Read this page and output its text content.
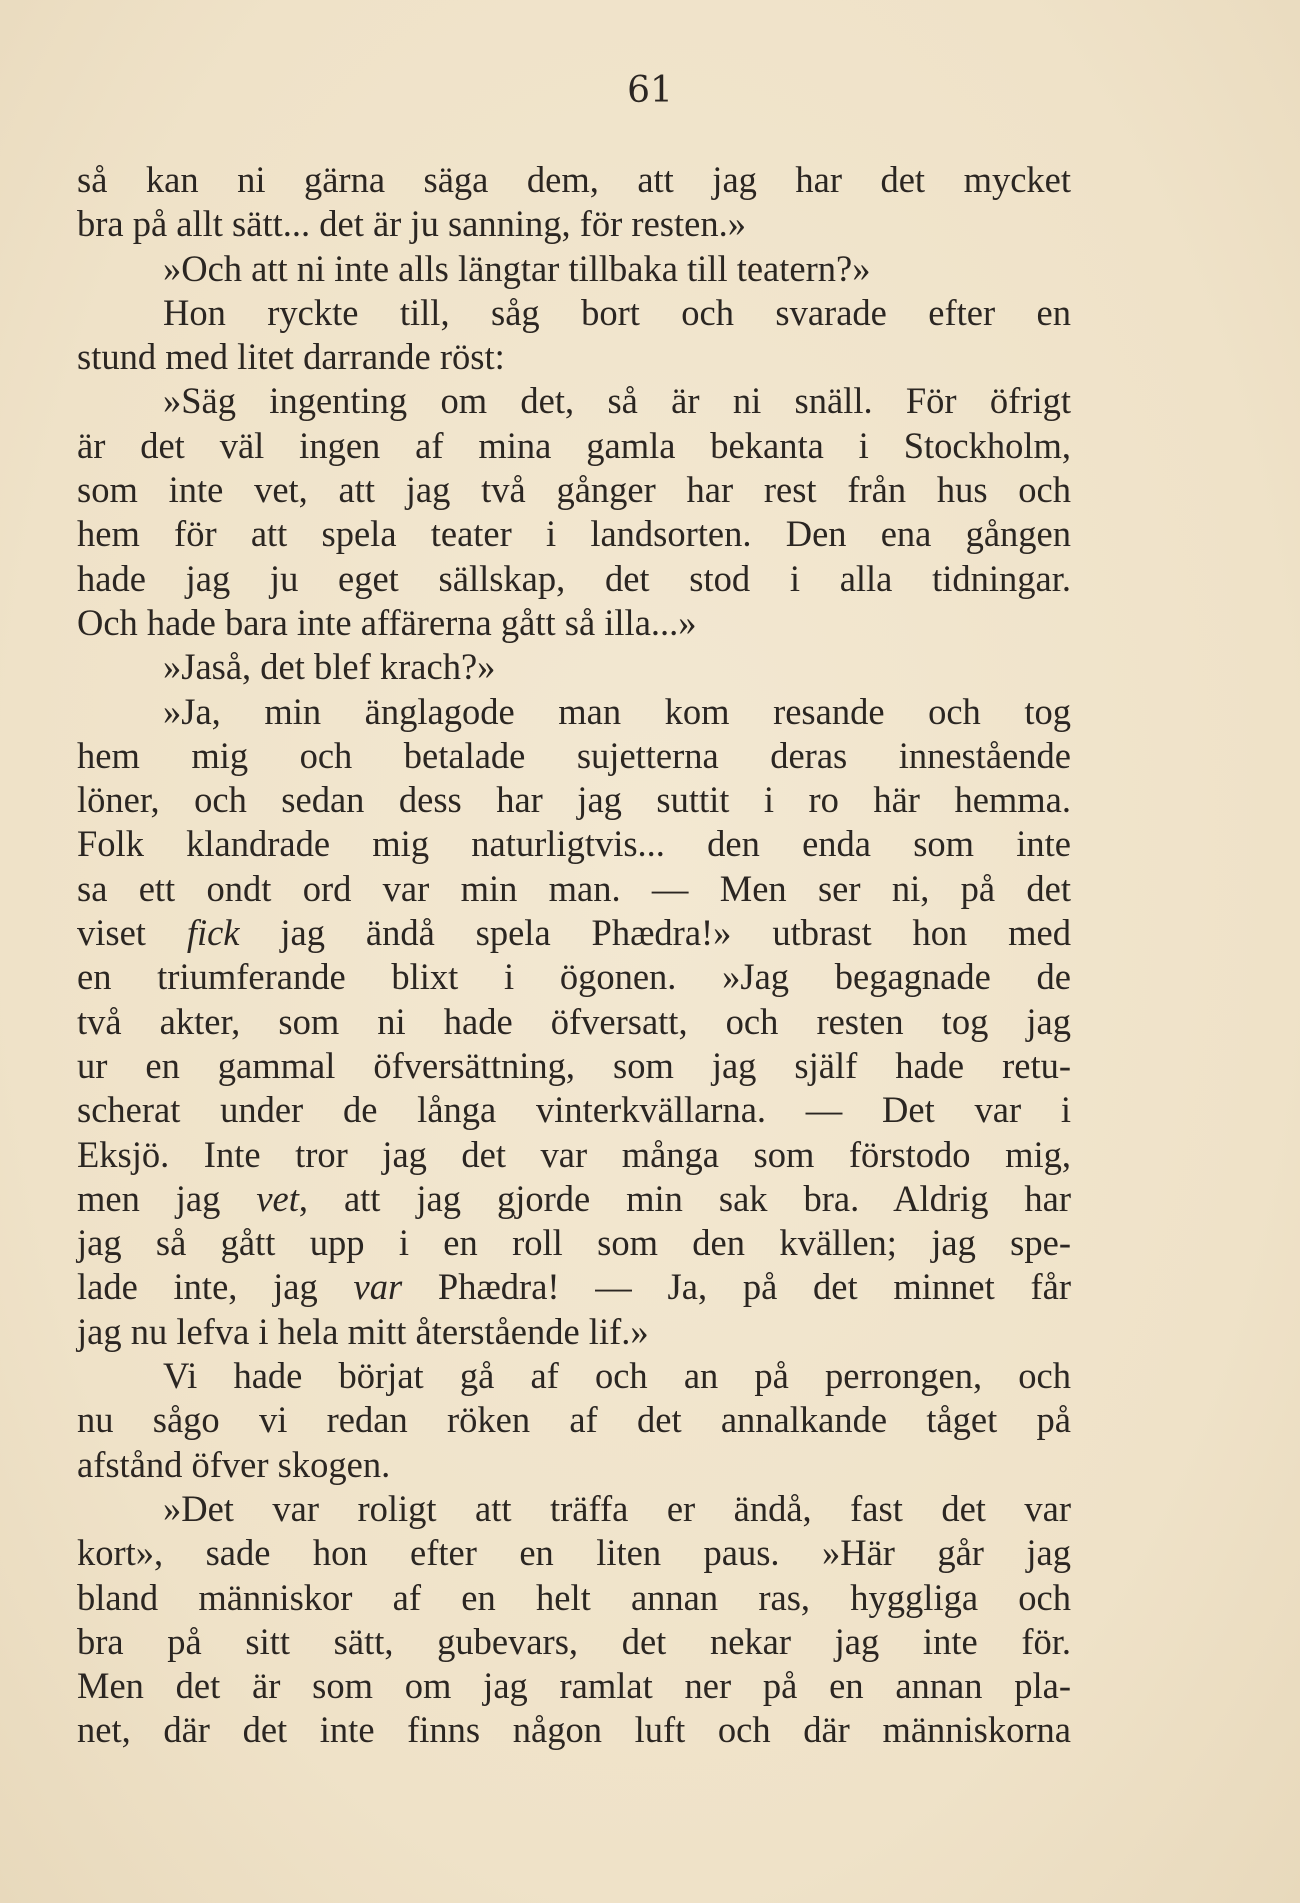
61
så kan ni gärna säga dem, att jag har det mycket
bra på allt sätt... det är ju sanning, för resten.»
»Och att ni inte alls längtar tillbaka till teatern?»
Hon ryckte till, såg bort och svarade efter en
stund med litet darrande röst:
»Säg ingenting om det, så är ni snäll. För öfrigt
är det väl ingen af mina gamla bekanta i Stockholm,
som inte vet, att jag två gånger har rest från hus och
hem för att spela teater i landsorten. Den ena gången
hade jag ju eget sällskap, det stod i alla tidningar.
Och hade bara inte affärerna gått så illa...»
»Jaså, det blef krach?»
»Ja, min änglagode man kom resande och tog
hem mig och betalade sujetterna deras innestående
löner, och sedan dess har jag suttit i ro här hemma.
Folk klandrade mig naturligtvis... den enda som inte
sa ett ondt ord var min man. — Men ser ni, på det
viset fick jag ändå spela Phædra!» utbrast hon med
en triumferande blixt i ögonen. »Jag begagnade de
två akter, som ni hade öfversatt, och resten tog jag
ur en gammal öfversättning, som jag själf hade retu-
scherat under de långa vinterkvällarna. — Det var i
Eksjö. Inte tror jag det var många som förstodo mig,
men jag vet, att jag gjorde min sak bra. Aldrig har
jag så gått upp i en roll som den kvällen; jag spe-
lade inte, jag var Phædra! — Ja, på det minnet får
jag nu lefva i hela mitt återstående lif.»
Vi hade börjat gå af och an på perrongen, och
nu sågo vi redan röken af det annalkande tåget på
afstånd öfver skogen.
»Det var roligt att träffa er ändå, fast det var
kort», sade hon efter en liten paus. »Här går jag
bland människor af en helt annan ras, hyggliga och
bra på sitt sätt, gubevars, det nekar jag inte för.
Men det är som om jag ramlat ner på en annan pla-
net, där det inte finns någon luft och där människorna
